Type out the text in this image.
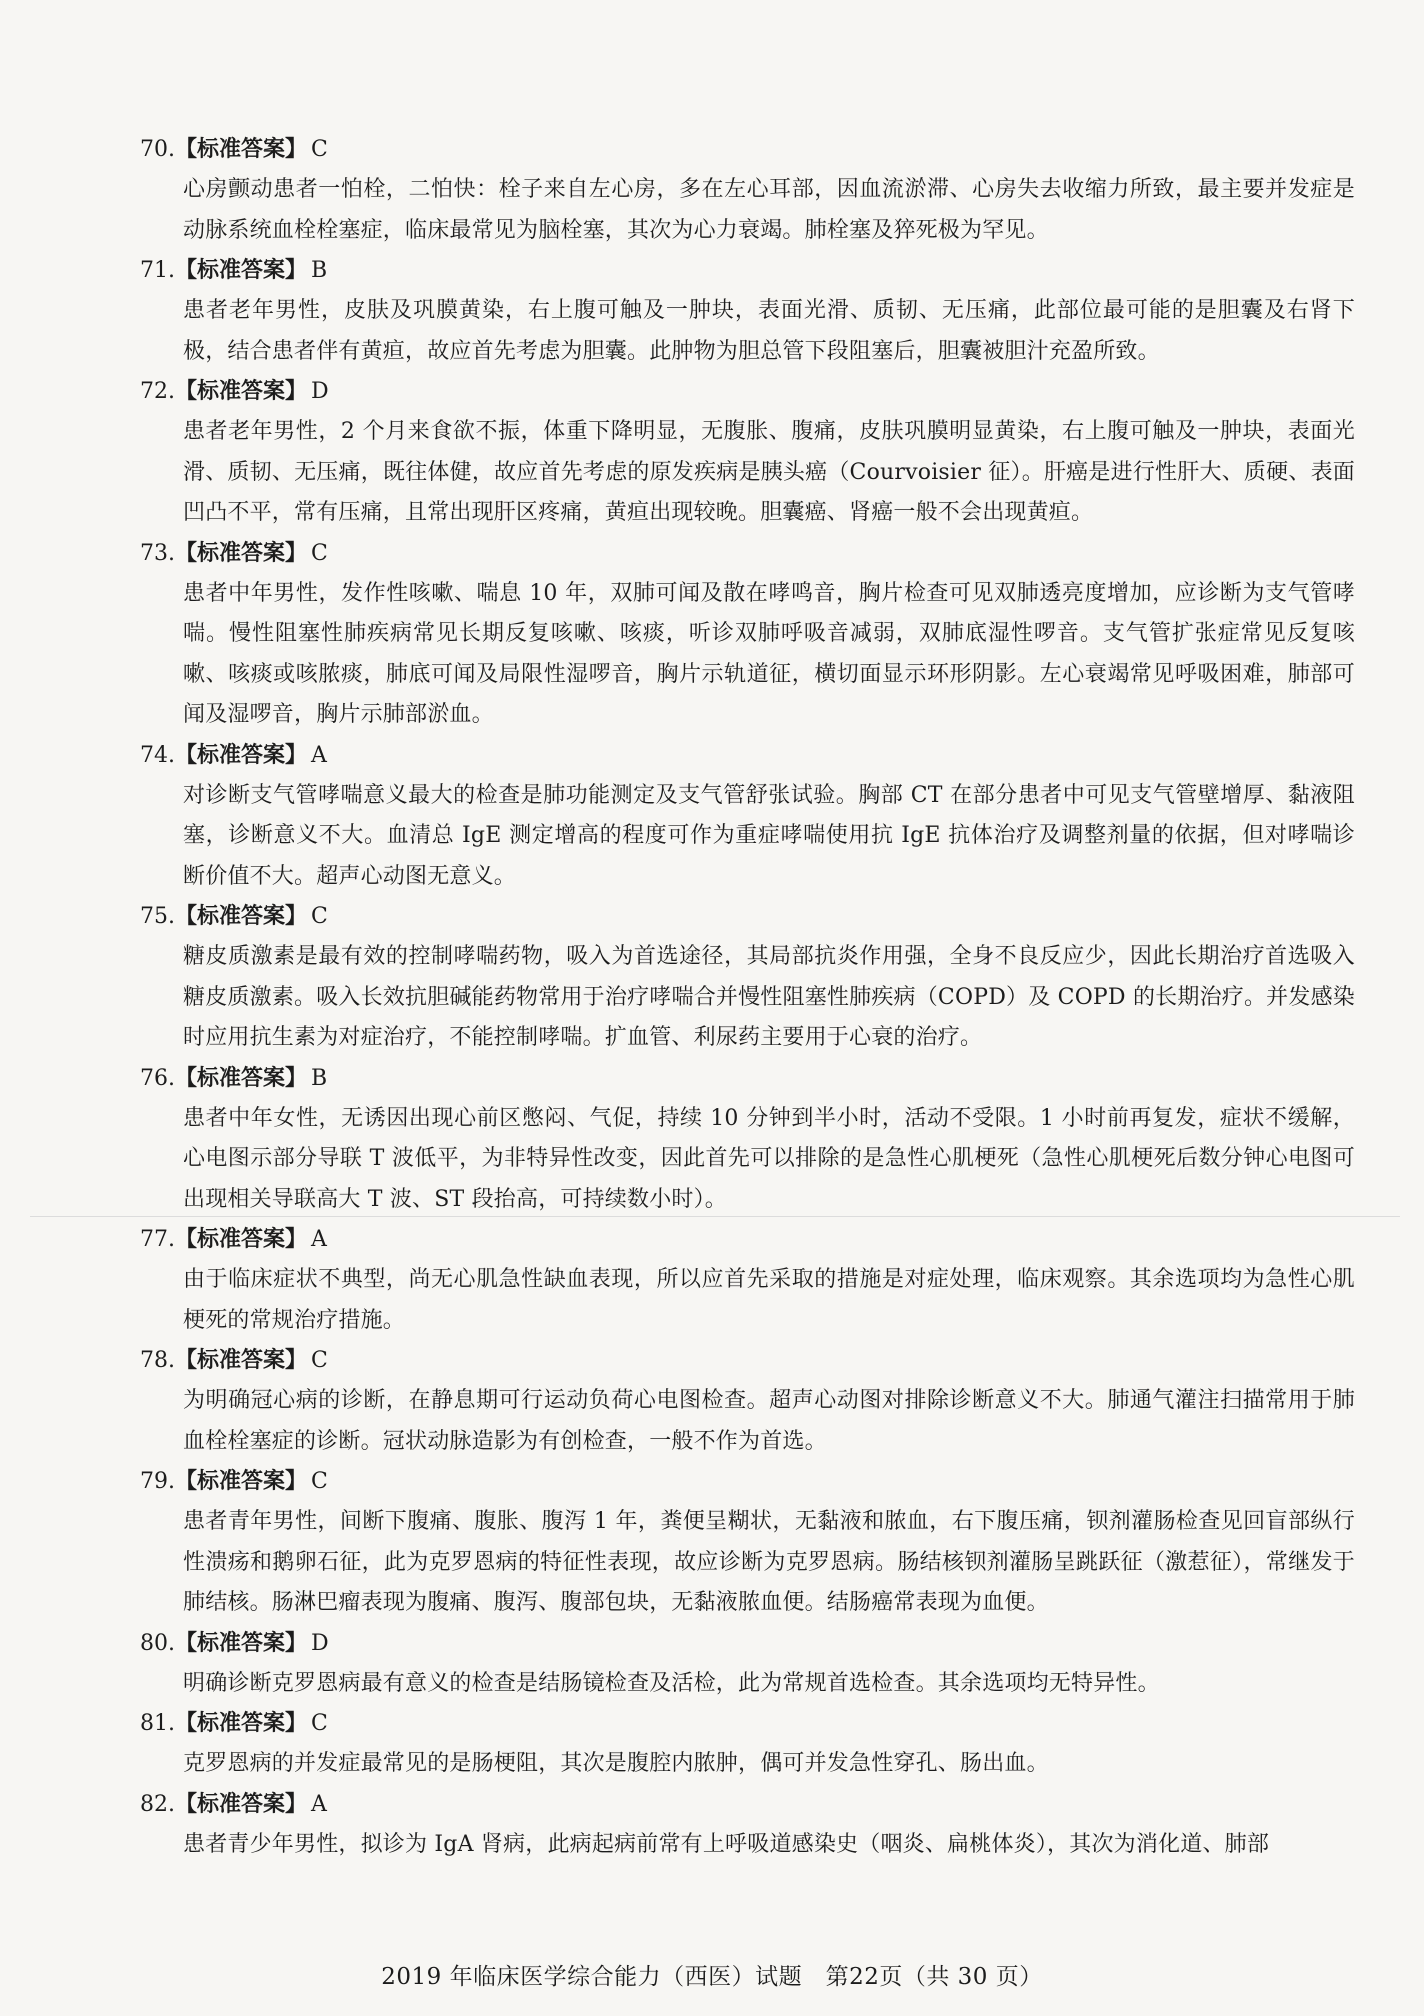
70.【标准答案】 C

心房颤动患者一怕栓，二怕快：栓子来自左心房，多在左心耳部，因血流淤滞、心房失去收缩力所致，最主要并发症是动脉系统血栓栓塞症，临床最常见为脑栓塞，其次为心力衰竭。肺栓塞及猝死极为罕见。

71.【标准答案】 B

患者老年男性，皮肤及巩膜黄染，右上腹可触及一肿块，表面光滑、质韧、无压痛，此部位最可能的是胆囊及右肾下极，结合患者伴有黄疸，故应首先考虑为胆囊。此肿物为胆总管下段阻塞后，胆囊被胆汁充盈所致。

72.【标准答案】 D

患者老年男性，2 个月来食欲不振，体重下降明显，无腹胀、腹痛，皮肤巩膜明显黄染，右上腹可触及一肿块，表面光滑、质韧、无压痛，既往体健，故应首先考虑的原发疾病是胰头癌（Courvoisier 征）。肝癌是进行性肝大、质硬、表面凹凸不平，常有压痛，且常出现肝区疼痛，黄疸出现较晚。胆囊癌、肾癌一般不会出现黄疸。

73.【标准答案】 C

患者中年男性，发作性咳嗽、喘息 10 年，双肺可闻及散在哮鸣音，胸片检查可见双肺透亮度增加，应诊断为支气管哮喘。慢性阻塞性肺疾病常见长期反复咳嗽、咳痰，听诊双肺呼吸音减弱，双肺底湿性啰音。支气管扩张症常见反复咳嗽、咳痰或咳脓痰，肺底可闻及局限性湿啰音，胸片示轨道征，横切面显示环形阴影。左心衰竭常见呼吸困难，肺部可闻及湿啰音，胸片示肺部淤血。

74.【标准答案】 A

对诊断支气管哮喘意义最大的检查是肺功能测定及支气管舒张试验。胸部 CT 在部分患者中可见支气管壁增厚、黏液阻塞，诊断意义不大。血清总 IgE 测定增高的程度可作为重症哮喘使用抗 IgE 抗体治疗及调整剂量的依据，但对哮喘诊断价值不大。超声心动图无意义。

75.【标准答案】 C

糖皮质激素是最有效的控制哮喘药物，吸入为首选途径，其局部抗炎作用强，全身不良反应少，因此长期治疗首选吸入糖皮质激素。吸入长效抗胆碱能药物常用于治疗哮喘合并慢性阻塞性肺疾病（COPD）及 COPD 的长期治疗。并发感染时应用抗生素为对症治疗，不能控制哮喘。扩血管、利尿药主要用于心衰的治疗。

76.【标准答案】 B

患者中年女性，无诱因出现心前区憋闷、气促，持续 10 分钟到半小时，活动不受限。1 小时前再复发，症状不缓解，心电图示部分导联 T 波低平，为非特异性改变，因此首先可以排除的是急性心肌梗死（急性心肌梗死后数分钟心电图可出现相关导联高大 T 波、ST 段抬高，可持续数小时）。

77.【标准答案】 A

由于临床症状不典型，尚无心肌急性缺血表现，所以应首先采取的措施是对症处理，临床观察。其余选项均为急性心肌梗死的常规治疗措施。

78.【标准答案】 C

为明确冠心病的诊断，在静息期可行运动负荷心电图检查。超声心动图对排除诊断意义不大。肺通气灌注扫描常用于肺血栓栓塞症的诊断。冠状动脉造影为有创检查，一般不作为首选。

79.【标准答案】 C

患者青年男性，间断下腹痛、腹胀、腹泻 1 年，粪便呈糊状，无黏液和脓血，右下腹压痛，钡剂灌肠检查见回盲部纵行性溃疡和鹅卵石征，此为克罗恩病的特征性表现，故应诊断为克罗恩病。肠结核钡剂灌肠呈跳跃征（激惹征），常继发于肺结核。肠淋巴瘤表现为腹痛、腹泻、腹部包块，无黏液脓血便。结肠癌常表现为血便。

80.【标准答案】 D

明确诊断克罗恩病最有意义的检查是结肠镜检查及活检，此为常规首选检查。其余选项均无特异性。

81.【标准答案】 C

克罗恩病的并发症最常见的是肠梗阻，其次是腹腔内脓肿，偶可并发急性穿孔、肠出血。

82.【标准答案】 A

患者青少年男性，拟诊为 IgA 肾病，此病起病前常有上呼吸道感染史（咽炎、扁桃体炎），其次为消化道、肺部

2019 年临床医学综合能力（西医）试题　第22页（共 30 页）
